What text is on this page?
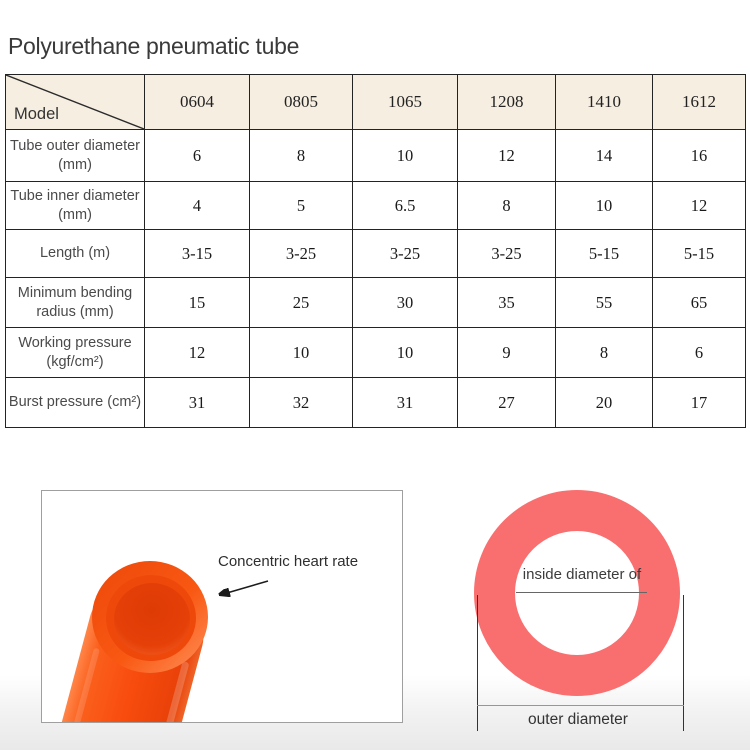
Polyurethane pneumatic tube
Model	0604	0805	1065	1208	1410	1612
Tube outer diameter (mm)	6	8	10	12	14	16
Tube inner diameter (mm)	4	5	6.5	8	10	12
Length (m)	3-15	3-25	3-25	3-25	5-15	5-15
Minimum bending radius (mm)	15	25	30	35	55	65
Working pressure (kgf/cm²)	12	10	10	9	8	6
Burst pressure (cm²)	31	32	31	27	20	17
Concentric heart rate
inside diameter of
outer diameter
